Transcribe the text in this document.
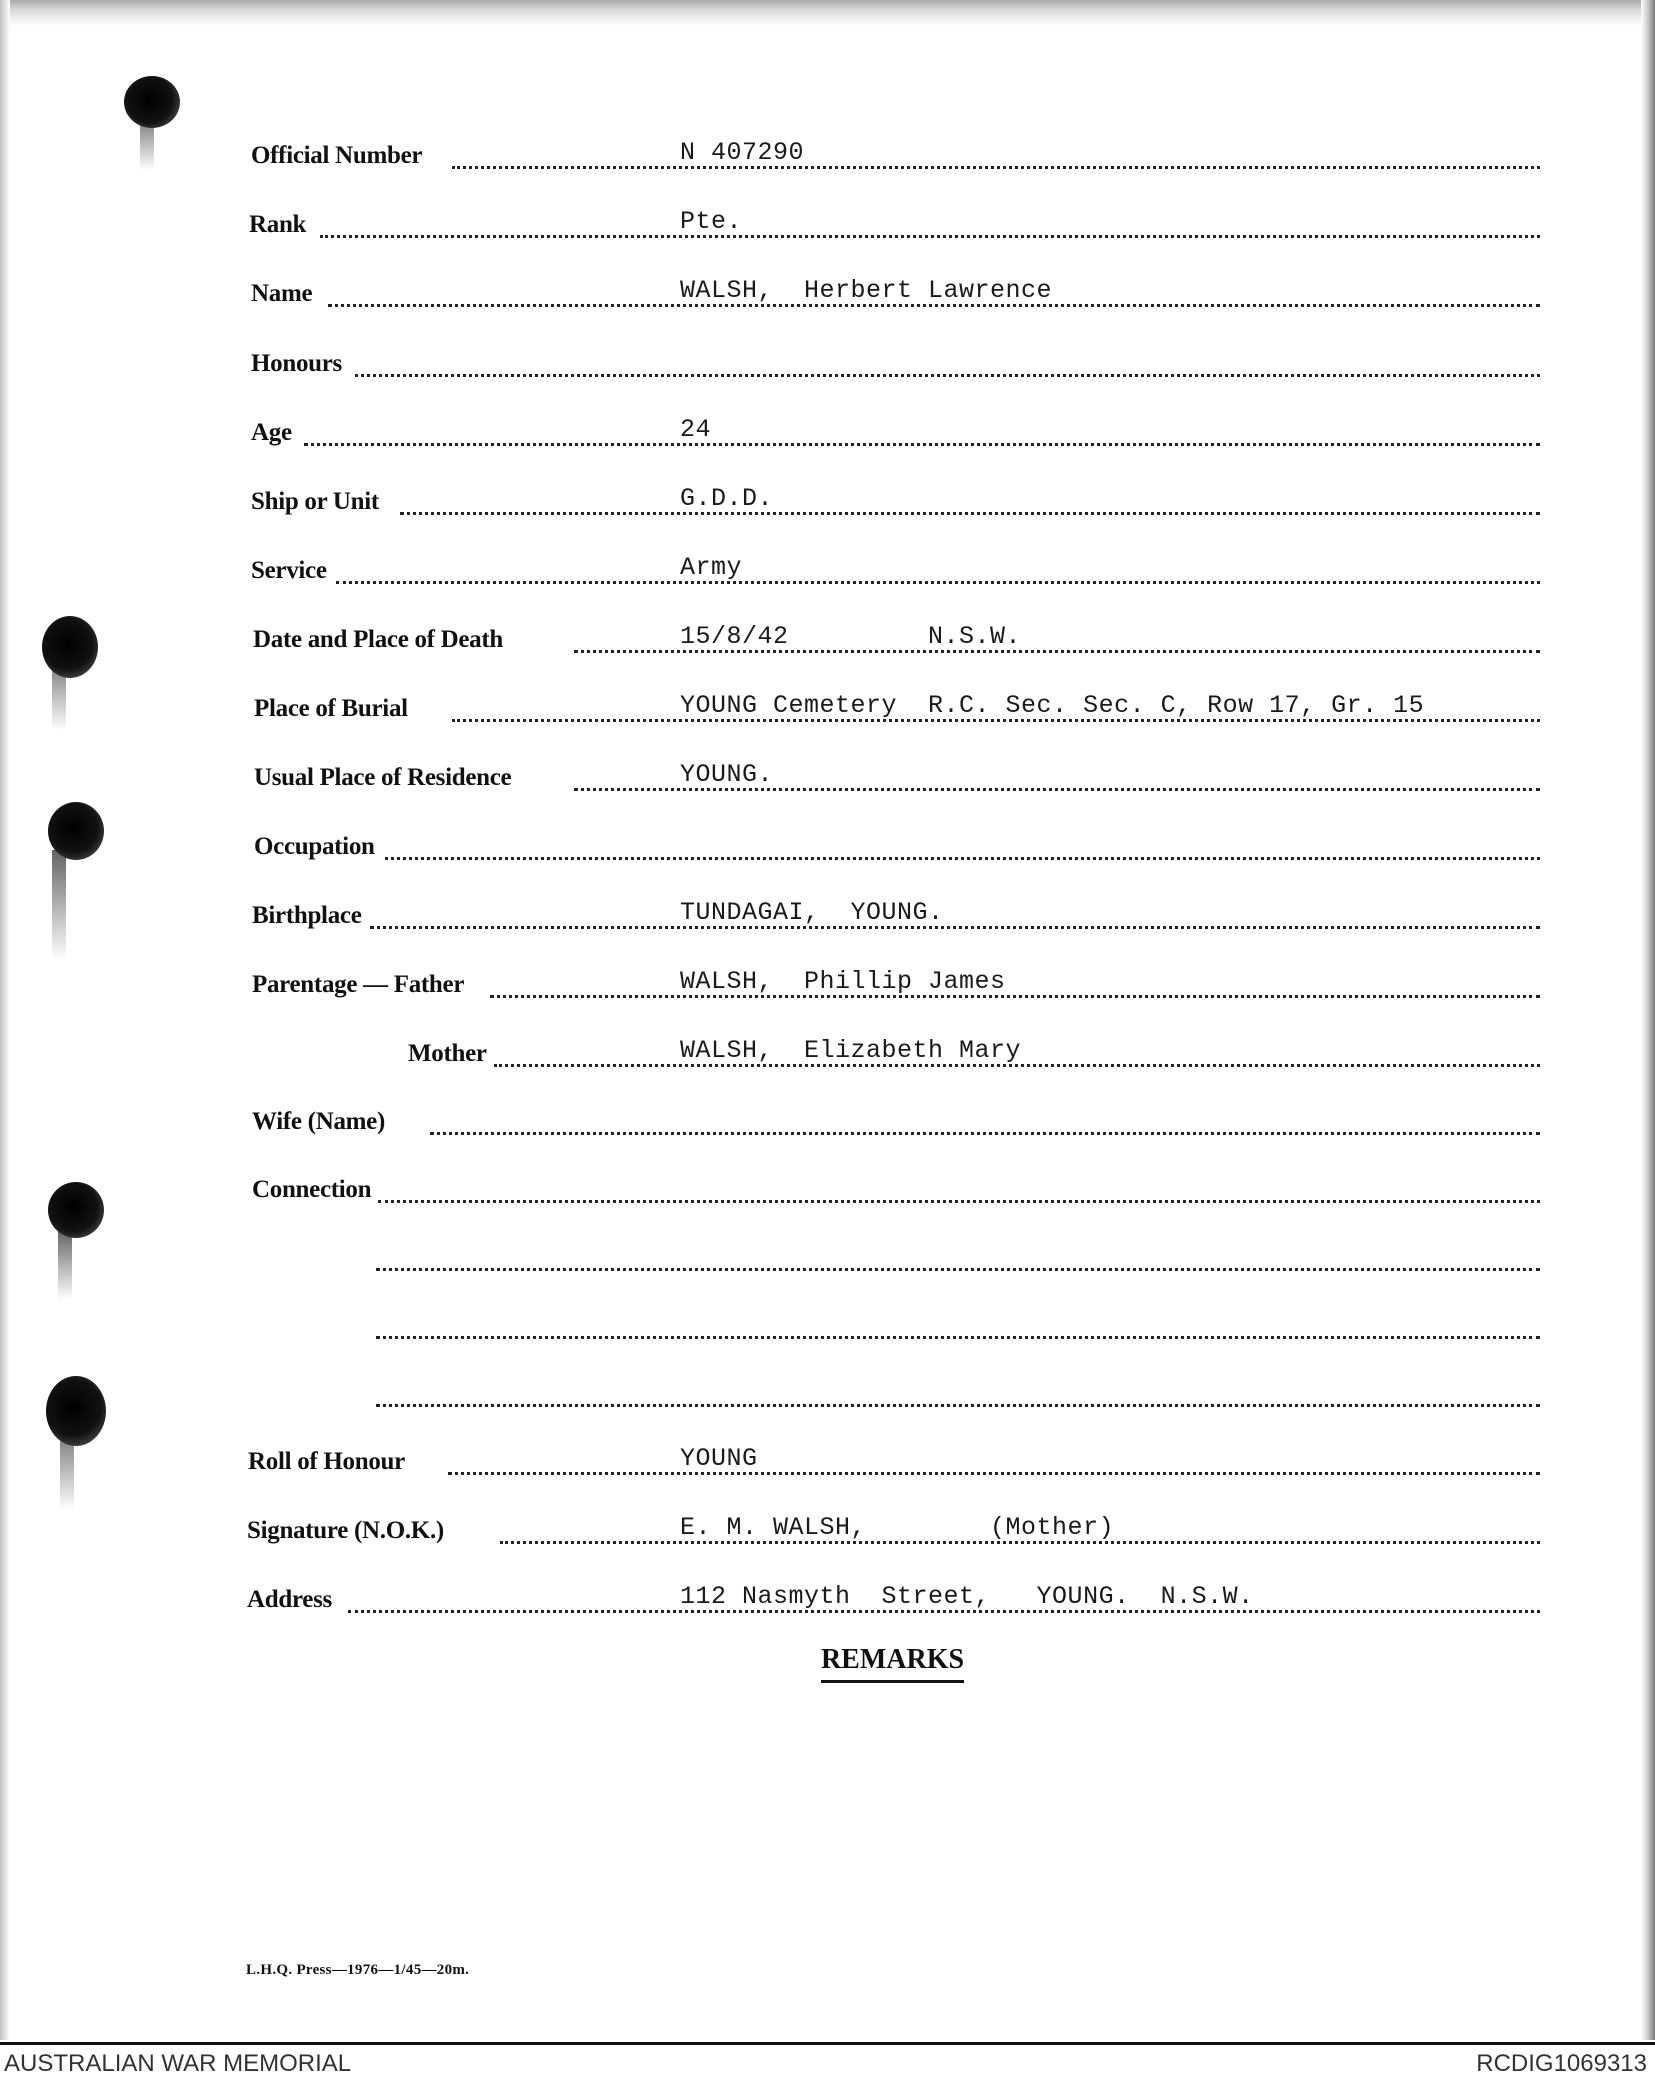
Official Number	N 407290
Rank	Pte.
Name	WALSH,  Herbert Lawrence
Honours
Age	24
Ship or Unit	G.D.D.
Service	Army
Date and Place of Death	15/8/42         N.S.W.
Place of Burial	YOUNG Cemetery  R.C. Sec. Sec. C, Row 17, Gr. 15
Usual Place of Residence	YOUNG.
Occupation
Birthplace	TUNDAGAI,  YOUNG.
Parentage — Father	WALSH,  Phillip James
Mother	WALSH,  Elizabeth Mary
Wife (Name)
Connection
Roll of Honour	YOUNG
Signature (N.O.K.)	E. M. WALSH,        (Mother)
Address	112 Nasmyth  Street,   YOUNG.  N.S.W.
REMARKS
L.H.Q. Press—1976—1/45—20m.
AUSTRALIAN WAR MEMORIAL	RCDIG1069313
